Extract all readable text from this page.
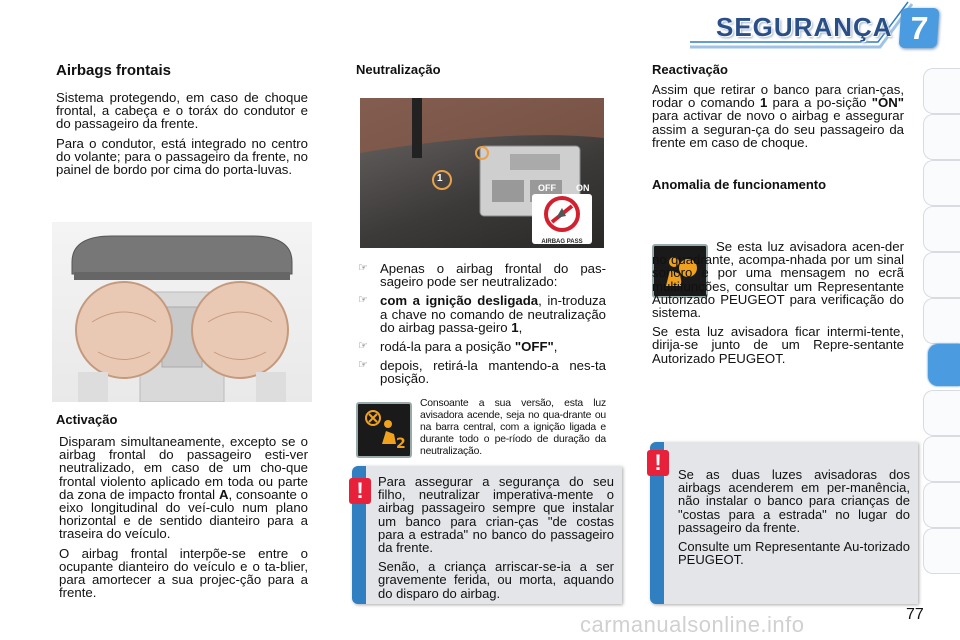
SEGURANÇA 7
Airbags frontais

Sistema protegendo, em caso de choque frontal, a cabeça e o toráx do condutor e do passageiro da frente.

Para o condutor, está integrado no centro do volante; para o passageiro da frente, no painel de bordo por cima do porta-luvas.

Activação

Disparam simultaneamente, excepto se o airbag frontal do passageiro esti-ver neutralizado, em caso de um cho-que frontal violento aplicado em toda ou parte da zona de impacto frontal A, consoante o eixo longitudinal do veí-culo num plano horizontal e de sentido dianteiro para a traseira do veículo.

O airbag frontal interpõe-se entre o ocupante dianteiro do veículo e o ta-blier, para amortecer a sua projec-ção para a frente.

Neutralização
1
OFF ON
AIRBAG PASS
☞ Apenas o airbag frontal do pas-sageiro pode ser neutralizado:
☞ com a ignição desligada, in-troduza a chave no comando de neutralização do airbag passa-geiro 1,
☞ rodá-la para a posição "OFF",
☞ depois, retirá-la mantendo-a nes-ta posição.
2
Consoante a sua versão, esta luz avisadora acende, seja no qua-drante ou na barra central, com a ignição ligada e durante todo o pe-ríodo de duração da neutralização.

Para assegurar a segurança do seu filho, neutralizar imperativa-mente o airbag passageiro sempre que instalar um banco para crian-ças "de costas para a estrada" no banco do passageiro da frente.

Senão, a criança arriscar-se-ia a ser gravemente ferida, ou morta, aquando do disparo do airbag.

!
Reactivação

Assim que retirar o banco para crian-ças, rodar o comando 1 para a po-sição "ON" para activar de novo o airbag e assegurar assim a seguran-ça do seu passageiro da frente em caso de choque.

Anomalia de funcionamento

Se esta luz avisadora acen-der no quadrante, acompa-nhada por um sinal sonoro e por uma mensagem no ecrã multifunções, consultar um Representante Autorizado PEUGEOT para verificação do sistema.

Se esta luz avisadora ficar intermi-tente, dirija-se junto de um Repre-sentante Autorizado PEUGEOT.

Se as duas luzes avisadoras dos airbags acenderem em per-manência, não instalar o banco para crianças de "costas para a estrada" no lugar do passageiro da frente.

Consulte um Representante Au-torizado PEUGEOT.

!
77
carmanualsonline.info
